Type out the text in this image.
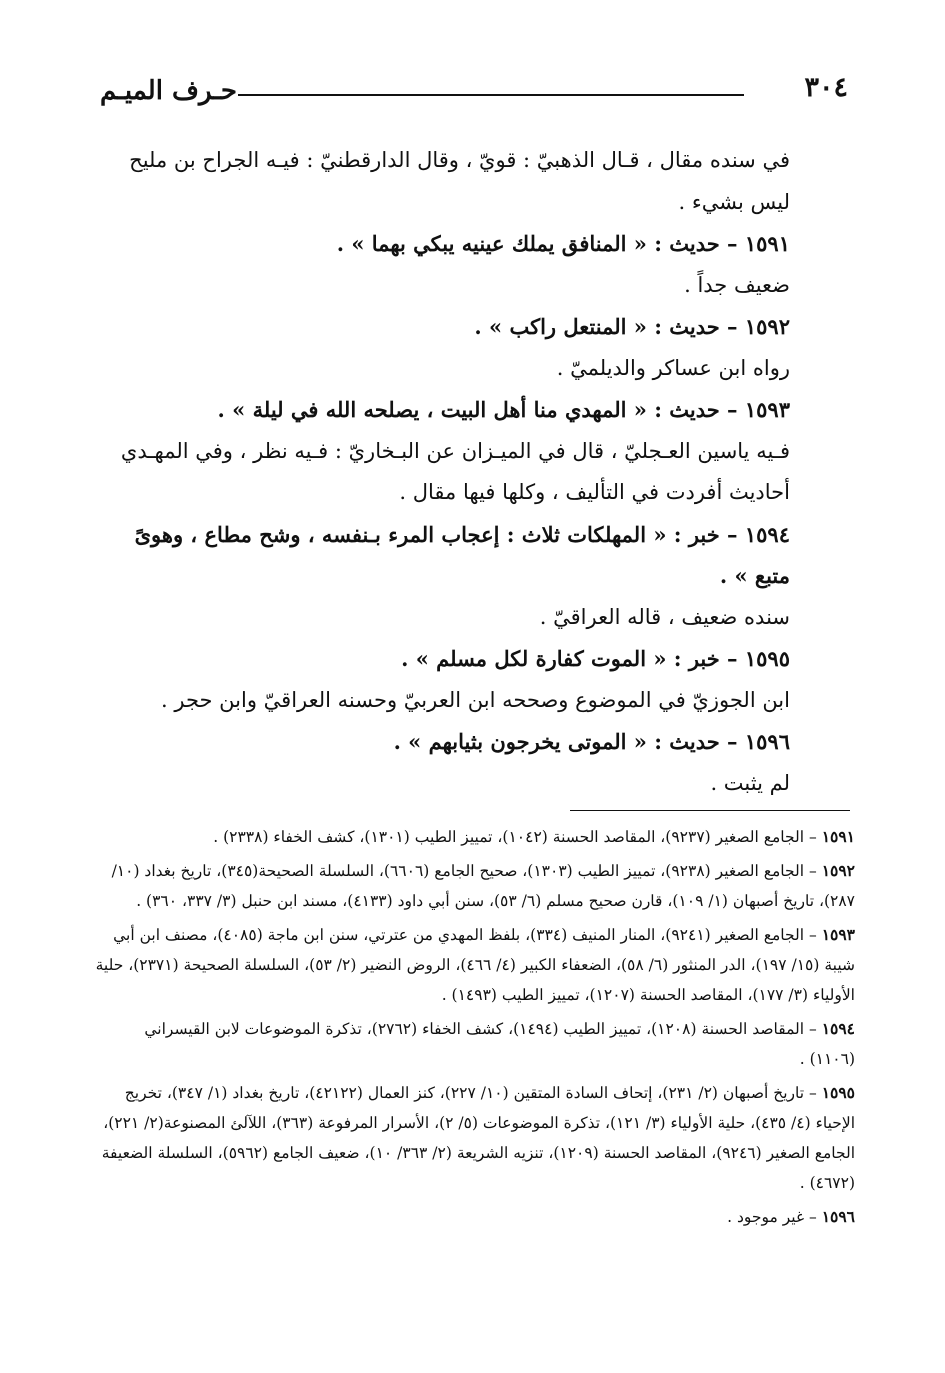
٣٠٤
حـرف الميـم

في سنده مقال ، قـال الذهبيّ : قويّ ، وقال الدارقطنيّ : فيـه الجراح بن مليح ليس بشيء .

١٥٩١ – حديث : « المنافق يملك عينيه يبكي بهما » .

ضعيف جداً .

١٥٩٢ – حديث : « المنتعل راكب » .

رواه ابن عساكر والديلميّ .

١٥٩٣ – حديث : « المهدي منا أهل البيت ، يصلحه الله في ليلة » .

فـيه ياسين العـجليّ ، قال في الميـزان عن البـخاريّ : فـيه نظر ، وفي المهـدي أحاديث أفردت في التأليف ، وكلها فيها مقال .

١٥٩٤ – خبر : « المهلكات ثلاث : إعجاب المرء بـنفسه ، وشح مطاع ، وهوىً متبع » .

سنده ضعيف ، قاله العراقيّ .

١٥٩٥ – خبر : « الموت كفارة لكل مسلم » .

ابن الجوزيّ في الموضوع وصححه ابن العربيّ وحسنه العراقيّ وابن حجر .

١٥٩٦ – حديث : « الموتى يخرجون بثيابهم » .

لم يثبت .

١٥٩١ – الجامع الصغير (٩٢٣٧)، المقاصد الحسنة (١٠٤٢)، تمييز الطيب (١٣٠١)، كشف الخفاء (٢٣٣٨) .

١٥٩٢ – الجامع الصغير (٩٢٣٨)، تمييز الطيب (١٣٠٣)، صحيح الجامع (٦٦٠٦)، السلسلة الصحيحة(٣٤٥)، تاريخ بغداد (١٠/ ٢٨٧)، تاريخ أصبهان (١/ ١٠٩)، قارن صحيح مسلم (٦/ ٥٣)، سنن أبي داود (٤١٣٣)، مسند ابن حنبل (٣/ ٣٣٧، ٣٦٠) .

١٥٩٣ – الجامع الصغير (٩٢٤١)، المنار المنيف (٣٣٤)، بلفظ المهدي من عترتي، سنن ابن ماجة (٤٠٨٥)، مصنف ابن أبي شيبة (١٥/ ١٩٧)، الدر المنثور (٦/ ٥٨)، الضعفاء الكبير (٤/ ٤٦٦)، الروض النضير (٢/ ٥٣)، السلسلة الصحيحة (٢٣٧١)، حلية الأولياء (٣/ ١٧٧)، المقاصد الحسنة (١٢٠٧)، تمييز الطيب (١٤٩٣) .

١٥٩٤ – المقاصد الحسنة (١٢٠٨)، تمييز الطيب (١٤٩٤)، كشف الخفاء (٢٧٦٢)، تذكرة الموضوعات لابن القيسراني (١١٠٦) .

١٥٩٥ – تاريخ أصبهان (٢/ ٢٣١)، إتحاف السادة المتقين (١٠/ ٢٢٧)، كنز العمال (٤٢١٢٢)، تاريخ بغداد (١/ ٣٤٧)، تخريج الإحياء (٤/ ٤٣٥)، حلية الأولياء (٣/ ١٢١)، تذكرة الموضوعات (٥/ ٢)، الأسرار المرفوعة (٣٦٣)، اللآلئ المصنوعة(٢/ ٢٢١)، الجامع الصغير (٩٢٤٦)، المقاصد الحسنة (١٢٠٩)، تنزيه الشريعة (٢/ ٣٦٣/ ١٠)، ضعيف الجامع (٥٩٦٢)، السلسلة الضعيفة (٤٦٧٢) .

١٥٩٦ – غير موجود .
